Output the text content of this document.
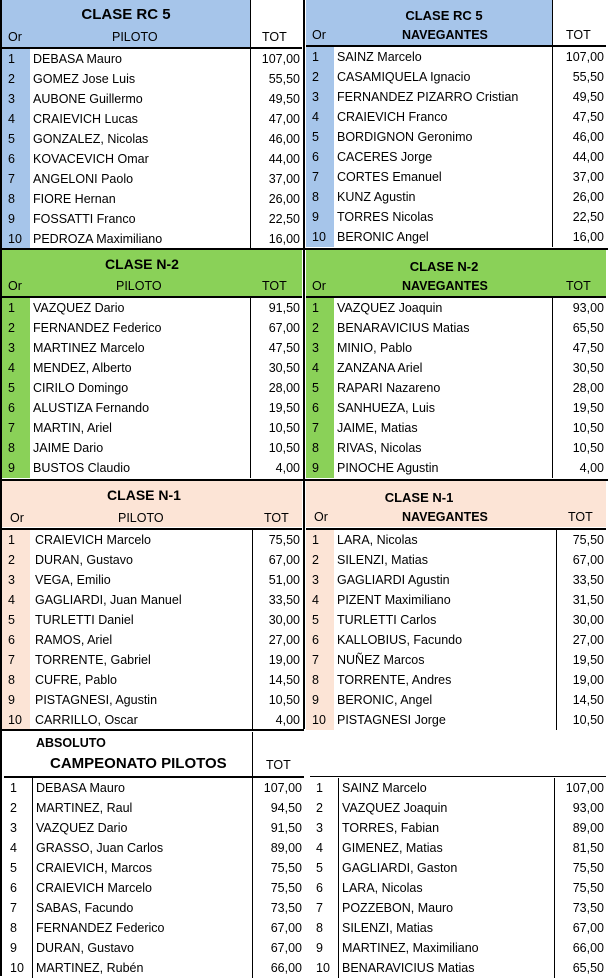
CLASE RC 5
Or	PILOTO	TOT
1	DEBASA Mauro	107,00
2	GOMEZ Jose Luis	55,50
3	AUBONE Guillermo	49,50
4	CRAIEVICH Lucas	47,00
5	GONZALEZ, Nicolas	46,00
6	KOVACEVICH Omar	44,00
7	ANGELONI Paolo	37,00
8	FIORE Hernan	26,00
9	FOSSATTI Franco	22,50
10 PEDROZA Maximiliano	16,00
CLASE RC 5
Or	NAVEGANTES	TOT
1	SAINZ Marcelo	107,00
2	CASAMIQUELA Ignacio	55,50
3	FERNANDEZ PIZARRO Cristian	49,50
4	CRAIEVICH Franco	47,50
5	BORDIGNON Geronimo	46,00
6	CACERES Jorge	44,00
7	CORTES Emanuel	37,00
8	KUNZ Agustin	26,00
9	TORRES Nicolas	22,50
10 BERONIC Angel	16,00
CLASE N-2
Or	PILOTO	TOT
1	VAZQUEZ Dario	91,50
2	FERNANDEZ Federico	67,00
3	MARTINEZ Marcelo	47,50
4	MENDEZ, Alberto	30,50
5	CIRILO Domingo	28,00
6	ALUSTIZA Fernando	19,50
7	MARTIN, Ariel	10,50
8	JAIME Dario	10,50
9	BUSTOS Claudio	4,00
CLASE N-2
Or	NAVEGANTES	TOT
1	VAZQUEZ Joaquin	93,00
2	BENARAVICIUS Matias	65,50
3	MINIO, Pablo	47,50
4	ZANZANA Ariel	30,50
5	RAPARI Nazareno	28,00
6	SANHUEZA, Luis	19,50
7	JAIME, Matias	10,50
8	RIVAS, Nicolas	10,50
9	PINOCHE Agustin	4,00
CLASE N-1
Or	PILOTO	TOT
1	CRAIEVICH Marcelo	75,50
2	DURAN, Gustavo	67,00
3	VEGA, Emilio	51,00
4	GAGLIARDI, Juan Manuel	33,50
5	TURLETTI Daniel	30,00
6	RAMOS, Ariel	27,00
7	TORRENTE, Gabriel	19,00
8	CUFRE, Pablo	14,50
9	PISTAGNESI, Agustin	10,50
10	CARRILLO, Oscar	4,00
CLASE N-1
Or	NAVEGANTES	TOT
1	LARA, Nicolas	75,50
2	SILENZI, Matias	67,00
3	GAGLIARDI Agustin	33,50
4	PIZENT Maximiliano	31,50
5	TURLETTI Carlos	30,00
6	KALLOBIUS, Facundo	27,00
7	NUÑEZ Marcos	19,50
8	TORRENTE, Andres	19,00
9	BERONIC, Angel	14,50
10 PISTAGNESI Jorge	10,50
ABSOLUTO
CAMPEONATO PILOTOS	TOT
1	DEBASA Mauro	107,00
2	MARTINEZ, Raul	94,50
3	VAZQUEZ Dario	91,50
4	GRASSO, Juan Carlos	89,00
5	CRAIEVICH, Marcos	75,50
6	CRAIEVICH Marcelo	75,50
7	SABAS, Facundo	73,50
8	FERNANDEZ Federico	67,00
9	DURAN, Gustavo	67,00
10 MARTINEZ, Rubén	66,00
1	SAINZ Marcelo	107,00
2	VAZQUEZ Joaquin	93,00
3	TORRES, Fabian	89,00
4	GIMENEZ, Matias	81,50
5	GAGLIARDI, Gaston	75,50
6	LARA, Nicolas	75,50
7	POZZEBON, Mauro	73,50
8	SILENZI, Matias	67,00
9	MARTINEZ, Maximiliano	66,00
10 BENARAVICIUS Matias	65,50
